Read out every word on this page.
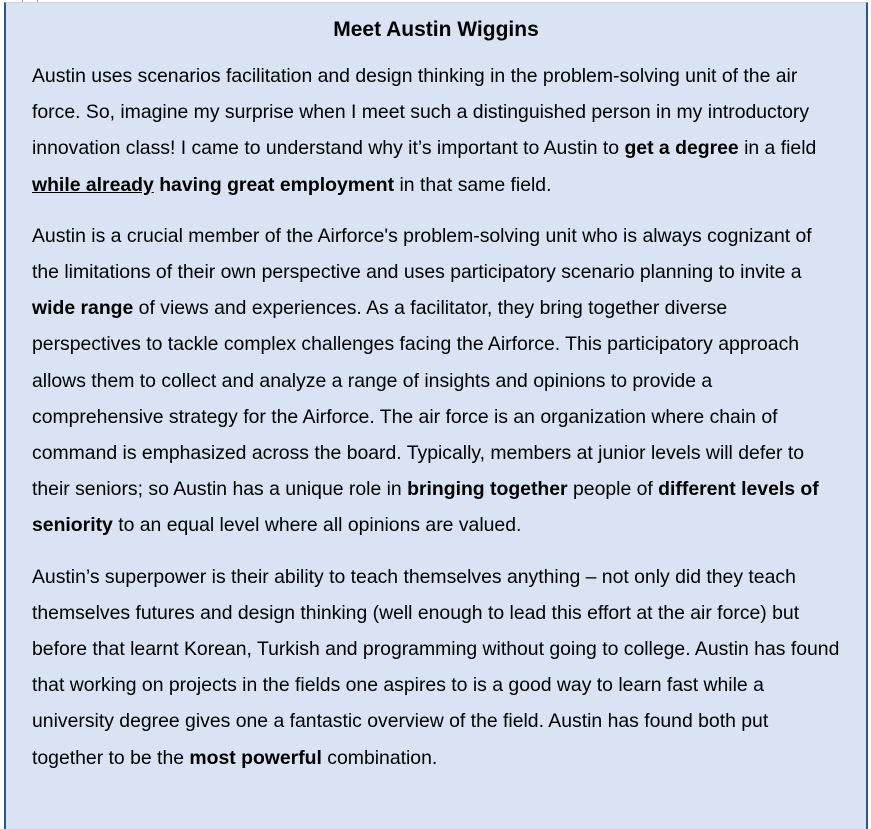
Meet Austin Wiggins

Austin uses scenarios facilitation and design thinking in the problem-solving unit of the air force. So, imagine my surprise when I meet such a distinguished person in my introductory innovation class! I came to understand why it’s important to Austin to get a degree in a field while already having great employment in that same field.

Austin is a crucial member of the Airforce's problem-solving unit who is always cognizant of the limitations of their own perspective and uses participatory scenario planning to invite a wide range of views and experiences. As a facilitator, they bring together diverse perspectives to tackle complex challenges facing the Airforce. This participatory approach allows them to collect and analyze a range of insights and opinions to provide a comprehensive strategy for the Airforce. The air force is an organization where chain of command is emphasized across the board. Typically, members at junior levels will defer to their seniors; so Austin has a unique role in bringing together people of different levels of seniority to an equal level where all opinions are valued.

Austin’s superpower is their ability to teach themselves anything – not only did they teach themselves futures and design thinking (well enough to lead this effort at the air force) but before that learnt Korean, Turkish and programming without going to college. Austin has found that working on projects in the fields one aspires to is a good way to learn fast while a university degree gives one a fantastic overview of the field. Austin has found both put together to be the most powerful combination.
